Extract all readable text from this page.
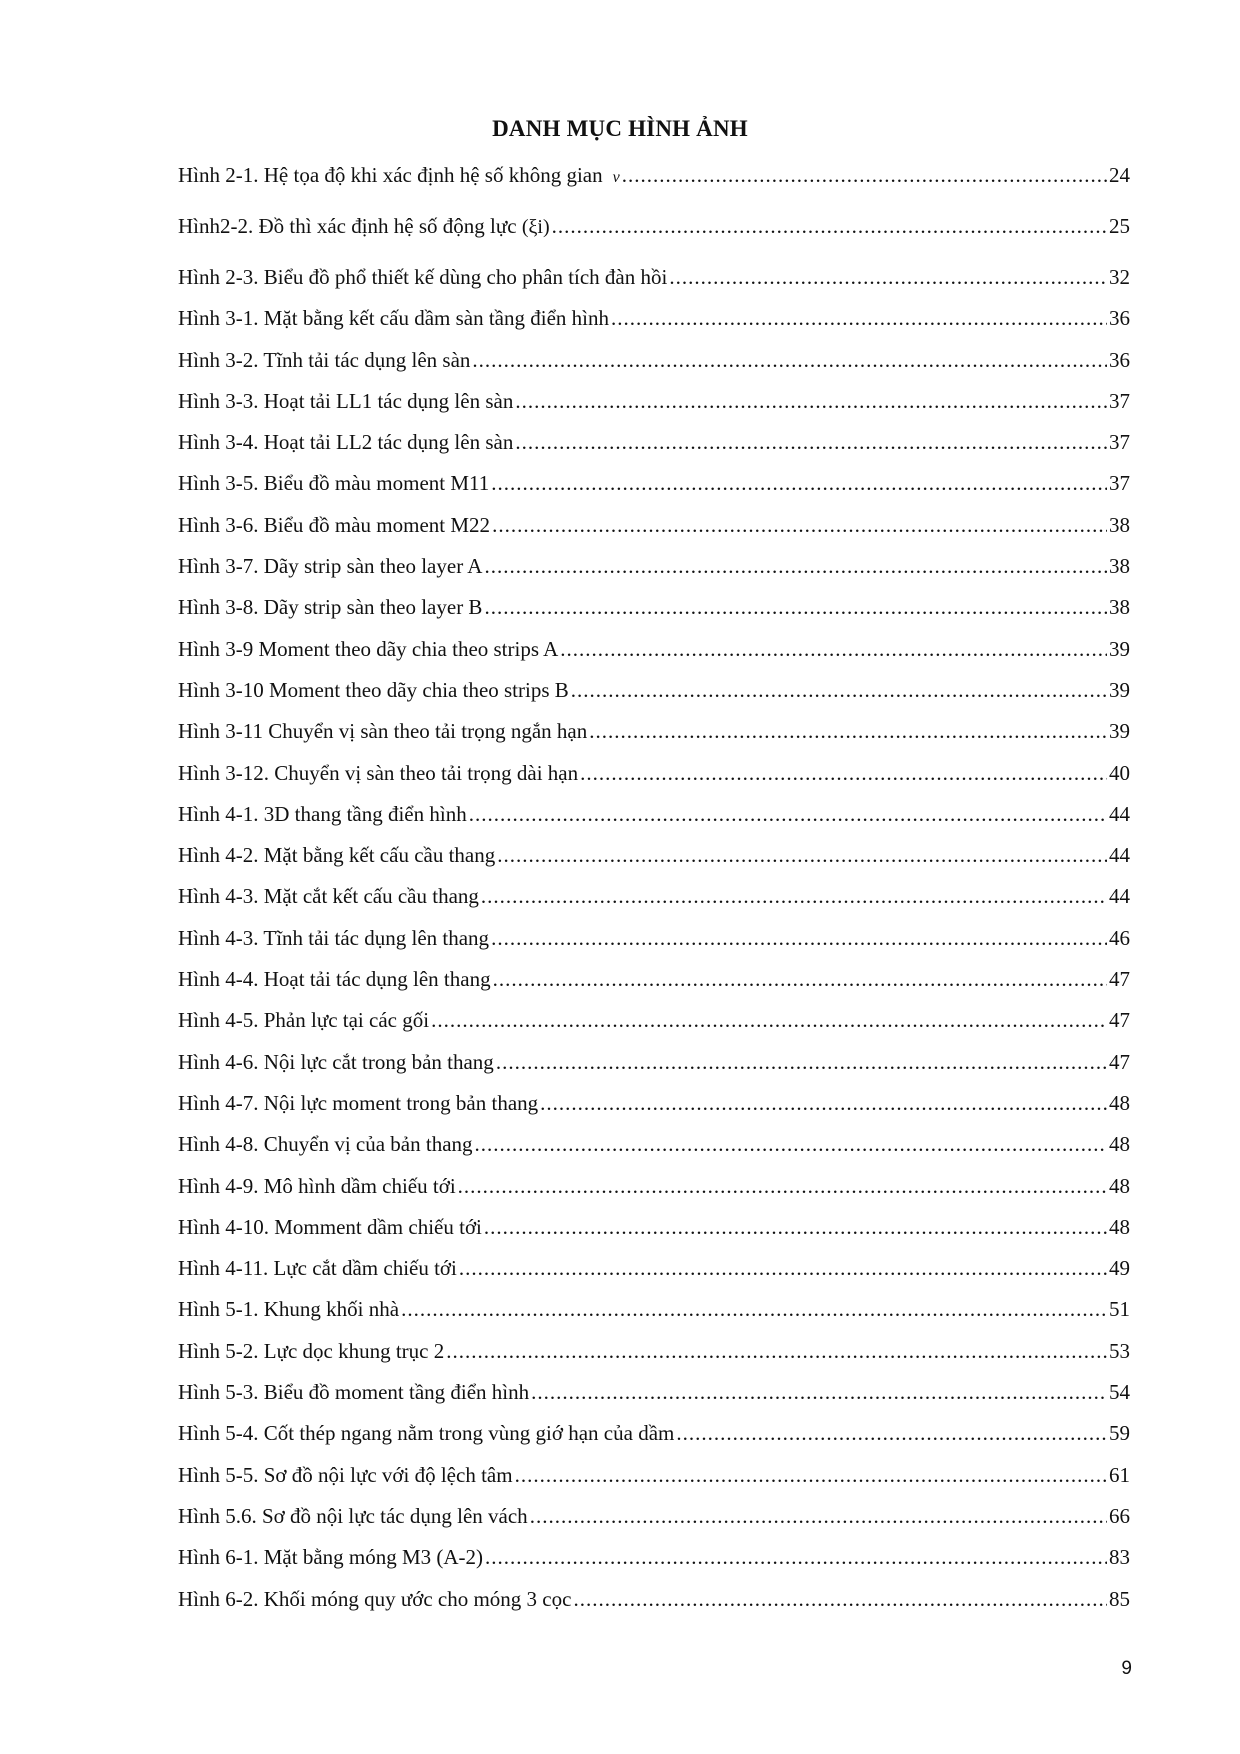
DANH MỤC HÌNH ẢNH
Hình 2-1. Hệ tọa độ khi xác định hệ số không gian ν .....	24
Hình2-2. Đồ thì xác định hệ số động lực (ξi) .....	25
Hình 2-3. Biểu đồ phổ thiết kế dùng cho phân tích đàn hồi .....	32
Hình 3-1. Mặt bằng kết cấu dầm sàn tầng điển hình .....	36
Hình 3-2. Tĩnh tải tác dụng lên sàn .....	36
Hình 3-3. Hoạt tải LL1 tác dụng lên sàn .....	37
Hình 3-4. Hoạt tải LL2 tác dụng lên sàn .....	37
Hình 3-5. Biểu đồ màu moment M11 .....	37
Hình 3-6. Biểu đồ màu moment M22 .....	38
Hình 3-7. Dãy strip sàn theo layer A .....	38
Hình 3-8. Dãy strip sàn theo layer B .....	38
Hình 3-9 Moment theo dãy chia theo strips A .....	39
Hình 3-10 Moment theo dãy chia theo strips B .....	39
Hình 3-11 Chuyển vị sàn theo tải trọng ngắn hạn .....	39
Hình 3-12. Chuyển vị sàn theo tải trọng dài hạn .....	40
Hình 4-1. 3D thang tầng điển hình .....	44
Hình 4-2. Mặt bằng kết cấu cầu thang .....	44
Hình 4-3. Mặt cắt kết cấu cầu thang .....	44
Hình 4-3. Tĩnh tải tác dụng lên thang .....	46
Hình 4-4. Hoạt tải tác dụng lên thang .....	47
Hình 4-5. Phản lực tại các gối .....	47
Hình 4-6. Nội lực cắt trong bản thang .....	47
Hình 4-7. Nội lực moment trong bản thang .....	48
Hình 4-8. Chuyển vị của bản thang .....	48
Hình 4-9. Mô hình dầm chiếu tới .....	48
Hình 4-10. Momment dầm chiếu tới .....	48
Hình 4-11. Lực cắt dầm chiếu tới .....	49
Hình 5-1. Khung khối nhà .....	51
Hình 5-2. Lực dọc khung trục 2 .....	53
Hình 5-3. Biểu đồ moment tầng điển hình .....	54
Hình 5-4. Cốt thép ngang nằm trong vùng giớ hạn của dầm .....	59
Hình 5-5. Sơ đồ nội lực với độ lệch tâm .....	61
Hình 5.6. Sơ đồ nội lực tác dụng lên vách .....	66
Hình 6-1. Mặt bằng móng M3 (A-2) .....	83
Hình 6-2. Khối móng quy ước cho móng 3 cọc .....	85
9
